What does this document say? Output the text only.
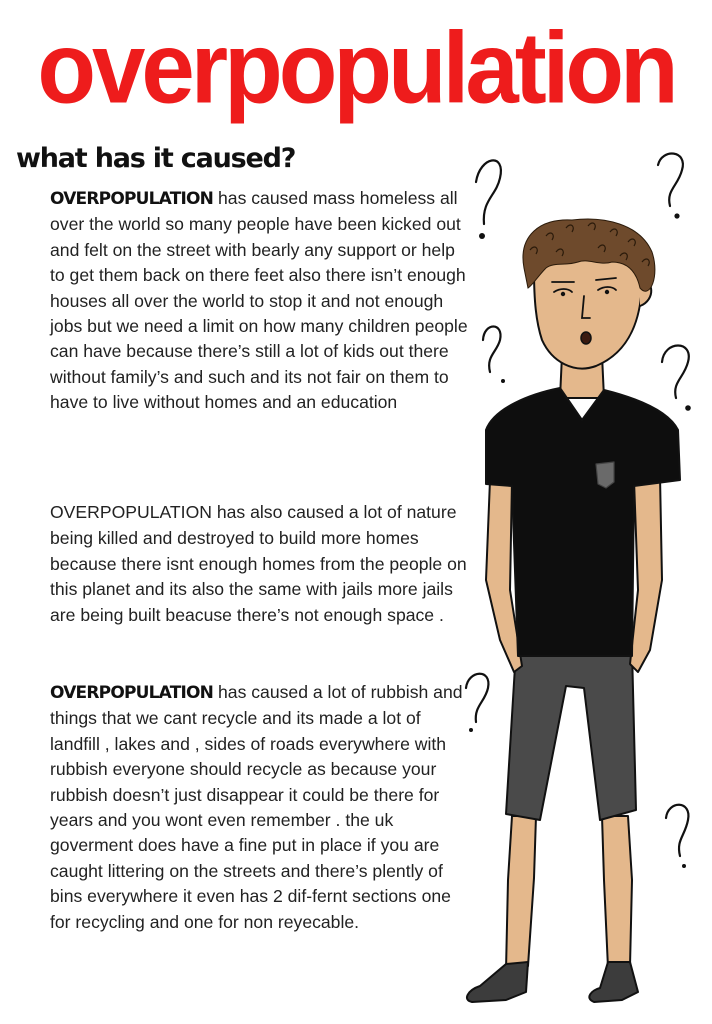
overpopulation
what has it caused?

OVERPOPULATION has caused mass homeless all over the world so many people have been kicked out and felt on the street with bearly any support or help to get them back on there feet also there isn’t enough houses all over the world to stop it and not enough jobs but we need a limit on how many children people can have because there’s still a lot of kids out there without family’s and such and its not fair on them to have to live without homes and an education

OVERPOPULATION has also caused a lot of nature being killed and destroyed to build more homes because there isnt enough homes from the people on this planet and its also the same with jails more jails are being built beacuse there’s not enough space .

OVERPOPULATION has caused a lot of rubbish and things that we cant recycle and its made a lot of landfill , lakes and , sides of roads everywhere with rubbish everyone should recycle as because your rubbish doesn’t just disappear it could be there for years and you wont even remember . the uk goverment does have a fine put in place if you are caught littering on the streets and there’s plently of bins everywhere it even has 2 dif-fernt sections one for recycling and one for non reyecable.
